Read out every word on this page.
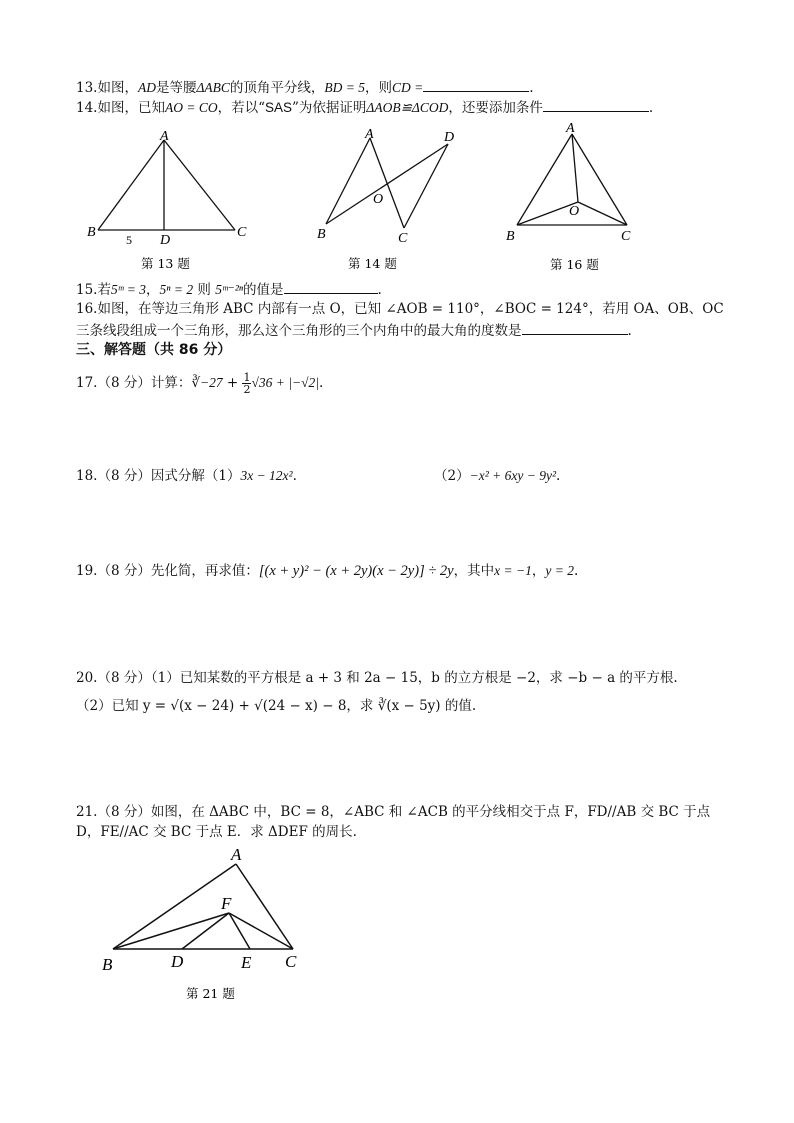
13.如图，AD是等腰ΔABC的顶角平分线，BD = 5，则CD =	.
14.如图，已知AO = CO，若以“SAS”为依据证明ΔAOB≌ΔCOD，还要添加条件	.
A
B	C
D
5
第 13 题
A	D
O
B	C
第 14 题
A
O
B	C
第 16 题
15.若5ᵐ = 3，5ⁿ = 2 则 5ᵐ⁻²ⁿ的值是	.
16.如图，在等边三角形 ABC 内部有一点 O，已知 ∠AOB = 110°，∠BOC = 124°，若用 OA、OB、OC
三条线段组成一个三角形，那么这个三角形的三个内角中的最大角的度数是	.
三、解答题（共 86 分）
17.（8 分）计算：∛−27 + $\frac{1}{2} √36 + |-√2|$.
18.（8 分）因式分解（1）3x − 12x².	（2）−x² + 6xy − 9y².
19.（8 分）先化简，再求值：[(x + y)² − (x + 2y)(x − 2y)] ÷ 2y，其中x = −1，y = 2.
20.（8 分）（1）已知某数的平方根是 a + 3 和 2a − 15，b 的立方根是 −2，求 −b − a 的平方根.
（2）已知 y = √(x − 24) + √(24 − x) − 8，求 ∛(x − 5y) 的值.
21.（8 分）如图，在 ΔABC 中，BC = 8，∠ABC 和 ∠ACB 的平分线相交于点 F，FD//AB 交 BC 于点
D，FE//AC 交 BC 于点 E．求 ΔDEF 的周长.
A
F
B	D	E C
第 21 题
